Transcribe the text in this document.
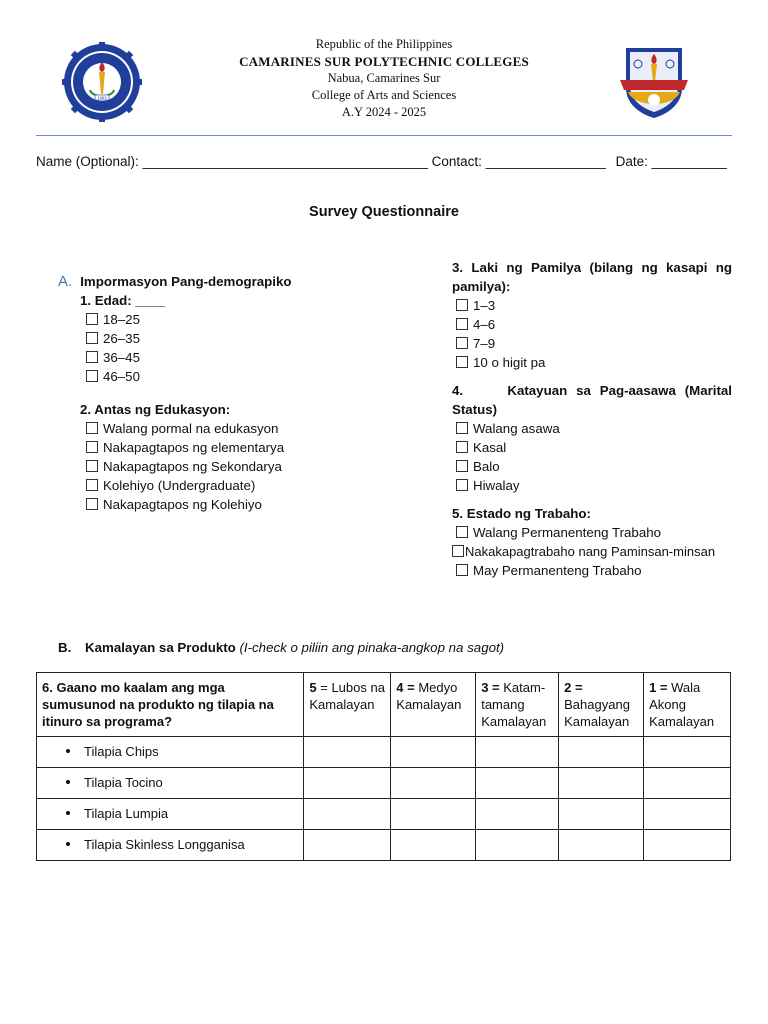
1983
Republic of the Philippines
CAMARINES SUR POLYTECHNIC COLLEGES
Nabua, Camarines Sur
College of Arts and Sciences
A.Y 2024 - 2025
Name (Optional): ______________________________________ Contact: ________________ Date: __________
Survey Questionnaire
A. Impormasyon Pang-demograpiko
1. Edad: ____
18–25
26–35
36–45
46–50
2. Antas ng Edukasyon:
Walang pormal na edukasyon
Nakapagtapos ng elementarya
Nakapagtapos ng Sekondarya
Kolehiyo (Undergraduate)
Nakapagtapos ng Kolehiyo
3. Laki ng Pamilya (bilang ng kasapi ng
pamilya):
1–3
4–6
7–9
10 o higit pa
4.     Katayuan sa Pag-aasawa (Marital
Status)
Walang asawa
Kasal
Balo
Hiwalay
5. Estado ng Trabaho:
Walang Permanenteng Trabaho
Nakakapagtrabaho nang Paminsan-minsan
May Permanenteng Trabaho
B. Kamalayan sa Produkto (I-check o piliin ang pinaka-angkop na sagot)
6. Gaano mo kaalam ang mga sumusunod na produkto ng tilapia na itinuro sa programa?	5 = Lubos na Kamalayan	4 = Medyo Kamalayan	3 = Katam-tamang Kamalayan	2 = Bahagyang Kamalayan	1 = Wala Akong Kamalayan
Tilapia Chips					
Tilapia Tocino					
Tilapia Lumpia					
Tilapia Skinless Longganisa					
